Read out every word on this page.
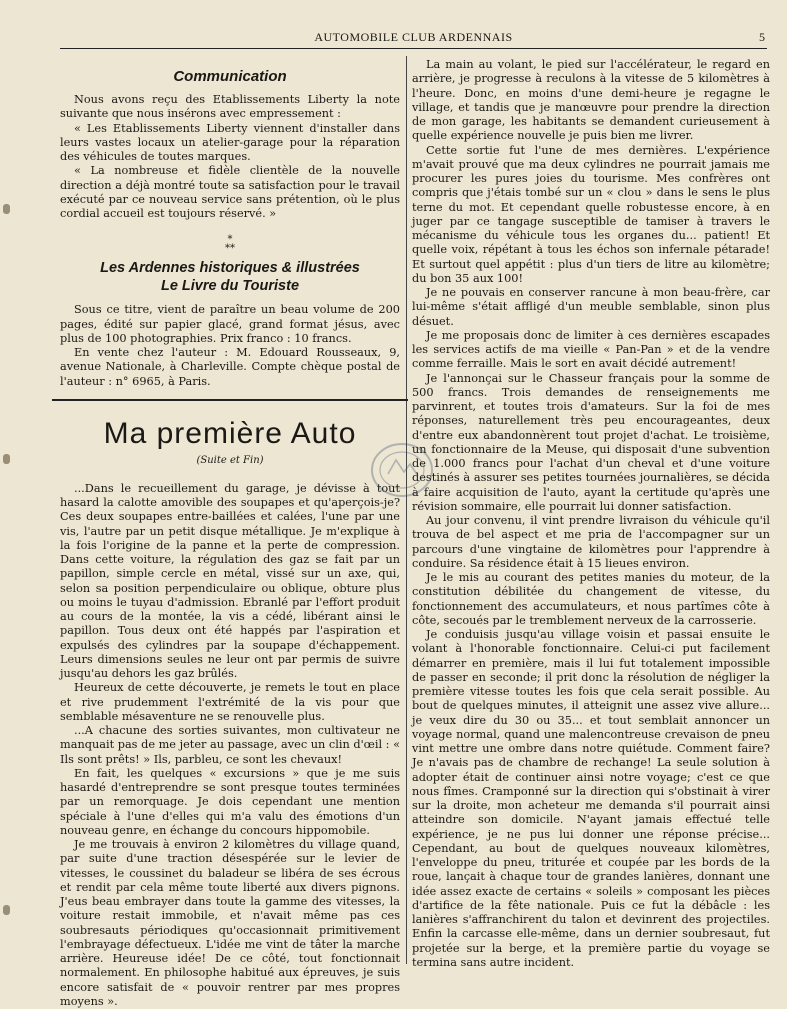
AUTOMOBILE CLUB ARDENNAIS	5
Communication

Nous avons reçu des Etablissements Liberty la note suivante que nous insérons avec empressement :

« Les Etablissements Liberty viennent d'installer dans leurs vastes locaux un atelier-garage pour la réparation des véhicules de toutes marques.

« La nombreuse et fidèle clientèle de la nouvelle direction a déjà montré toute sa satisfaction pour le travail exécuté par ce nouveau service sans prétention, où le plus cordial accueil est toujours réservé. »

*
**
Les Ardennes historiques & illustrées
Le Livre du Touriste

Sous ce titre, vient de paraître un beau volume de 200 pages, édité sur papier glacé, grand format jésus, avec plus de 100 photographies. Prix franco : 10 francs.

En vente chez l'auteur : M. Edouard Rousseaux, 9, avenue Nationale, à Charleville. Compte chèque postal de l'auteur : n° 6965, à Paris.

Ma première Auto
(Suite et Fin)

...Dans le recueillement du garage, je dévisse à tout hasard la calotte amovible des soupapes et qu'aperçois-je? Ces deux soupapes entre-baillées et calées, l'une par une vis, l'autre par un petit disque métallique. Je m'explique à la fois l'origine de la panne et la perte de compression. Dans cette voiture, la régulation des gaz se fait par un papillon, simple cercle en métal, vissé sur un axe, qui, selon sa position perpendiculaire ou oblique, obture plus ou moins le tuyau d'admission. Ebranlé par l'effort produit au cours de la montée, la vis a cédé, libérant ainsi le papillon. Tous deux ont été happés par l'aspiration et expulsés des cylindres par la soupape d'échappement. Leurs dimensions seules ne leur ont par permis de suivre jusqu'au dehors les gaz brûlés.

Heureux de cette découverte, je remets le tout en place et rive prudemment l'extrémité de la vis pour que semblable mésaventure ne se renouvelle plus.

...A chacune des sorties suivantes, mon cultivateur ne manquait pas de me jeter au passage, avec un clin d'œil : « Ils sont prêts! » Ils, parbleu, ce sont les chevaux!

En fait, les quelques « excursions » que je me suis hasardé d'entreprendre se sont presque toutes terminées par un remorquage. Je dois cependant une mention spéciale à l'une d'elles qui m'a valu des émotions d'un nouveau genre, en échange du concours hippomobile.

Je me trouvais à environ 2 kilomètres du village quand, par suite d'une traction désespérée sur le levier de vitesses, le coussinet du baladeur se libéra de ses écrous et rendit par cela même toute liberté aux divers pignons. J'eus beau embrayer dans toute la gamme des vitesses, la voiture restait immobile, et n'avait même pas ces soubresauts périodiques qu'occasionnait primitivement l'embrayage défectueux. L'idée me vint de tâter la marche arrière. Heureuse idée! De ce côté, tout fonctionnait normalement. En philosophe habitué aux épreuves, je suis encore satisfait de « pouvoir rentrer par mes propres moyens ».

La main au volant, le pied sur l'accélérateur, le regard en arrière, je progresse à reculons à la vitesse de 5 kilomètres à l'heure. Donc, en moins d'une demi-heure je regagne le village, et tandis que je manœuvre pour prendre la direction de mon garage, les habitants se demandent curieusement à quelle expérience nouvelle je puis bien me livrer.

Cette sortie fut l'une de mes dernières. L'expérience m'avait prouvé que ma deux cylindres ne pourrait jamais me procurer les pures joies du tourisme. Mes confrères ont compris que j'étais tombé sur un « clou » dans le sens le plus terne du mot. Et cependant quelle robustesse encore, à en juger par ce tangage susceptible de tamiser à travers le mécanisme du véhicule tous les organes du... patient! Et quelle voix, répétant à tous les échos son infernale pétarade! Et surtout quel appétit : plus d'un tiers de litre au kilomètre; du bon 35 aux 100!

Je ne pouvais en conserver rancune à mon beau-frère, car lui-même s'était affligé d'un meuble semblable, sinon plus désuet.

Je me proposais donc de limiter à ces dernières escapades les services actifs de ma vieille « Pan-Pan » et de la vendre comme ferraille. Mais le sort en avait décidé autrement!

Je l'annonçai sur le Chasseur français pour la somme de 500 francs. Trois demandes de renseignements me parvinrent, et toutes trois d'amateurs. Sur la foi de mes réponses, naturellement très peu encourageantes, deux d'entre eux abandonnèrent tout projet d'achat. Le troisième, un fonctionnaire de la Meuse, qui disposait d'une subvention de 1.000 francs pour l'achat d'un cheval et d'une voiture destinés à assurer ses petites tournées journalières, se décida à faire acquisition de l'auto, ayant la certitude qu'après une révision sommaire, elle pourrait lui donner satisfaction.

Au jour convenu, il vint prendre livraison du véhicule qu'il trouva de bel aspect et me pria de l'accompagner sur un parcours d'une vingtaine de kilomètres pour l'apprendre à conduire. Sa résidence était à 15 lieues environ.

Je le mis au courant des petites manies du moteur, de la constitution débilitée du changement de vitesse, du fonctionnement des accumulateurs, et nous partîmes côte à côte, secoués par le tremblement nerveux de la carrosserie.

Je conduisis jusqu'au village voisin et passai ensuite le volant à l'honorable fonctionnaire. Celui-ci put facilement démarrer en première, mais il lui fut totalement impossible de passer en seconde; il prit donc la résolution de négliger la première vitesse toutes les fois que cela serait possible. Au bout de quelques minutes, il atteignit une assez vive allure... je veux dire du 30 ou 35... et tout semblait annoncer un voyage normal, quand une malencontreuse crevaison de pneu vint mettre une ombre dans notre quiétude. Comment faire? Je n'avais pas de chambre de rechange! La seule solution à adopter était de continuer ainsi notre voyage; c'est ce que nous fîmes. Cramponné sur la direction qui s'obstinait à virer sur la droite, mon acheteur me demanda s'il pourrait ainsi atteindre son domicile. N'ayant jamais effectué telle expérience, je ne pus lui donner une réponse précise... Cependant, au bout de quelques nouveaux kilomètres, l'enveloppe du pneu, triturée et coupée par les bords de la roue, lançait à chaque tour de grandes lanières, donnant une idée assez exacte de certains « soleils » composant les pièces d'artifice de la fête nationale. Puis ce fut la débâcle : les lanières s'affranchirent du talon et devinrent des projectiles. Enfin la carcasse elle-même, dans un dernier soubresaut, fut projetée sur la berge, et la première partie du voyage se termina sans autre incident.
